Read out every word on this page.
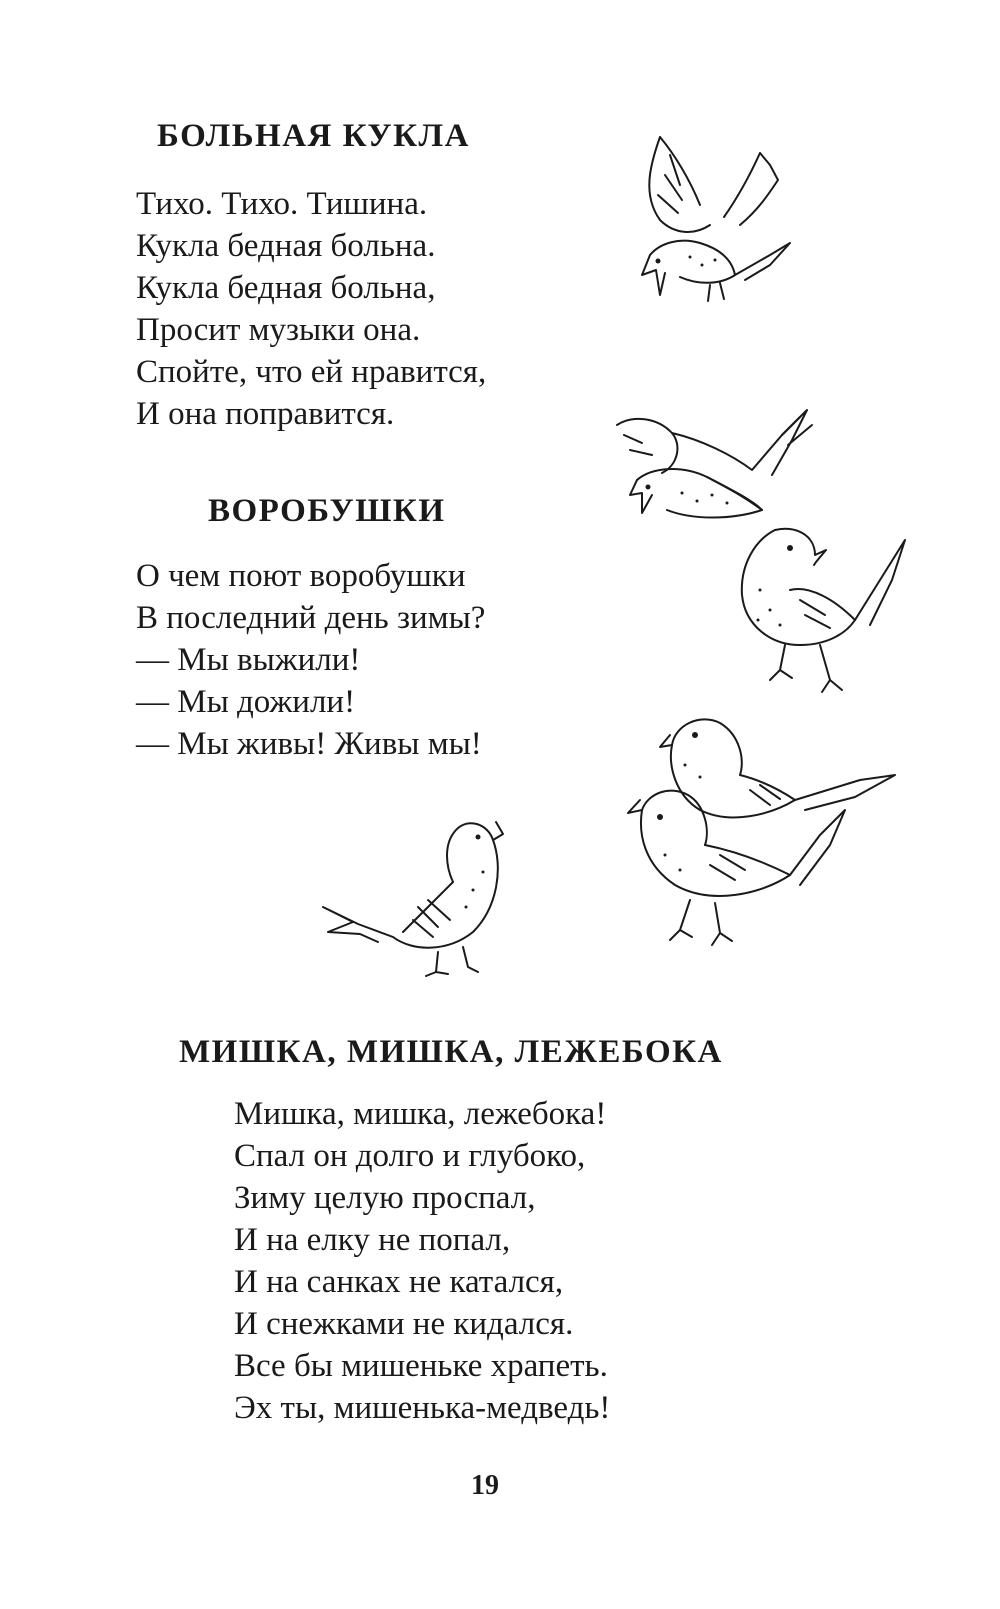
БОЛЬНАЯ КУКЛА
Тихо. Тихо. Тишина.
Кукла бедная больна.
Кукла бедная больна,
Просит музыки она.
Спойте, что ей нравится,
И она поправится.
ВОРОБУШКИ
О чем поют воробушки
В последний день зимы?
— Мы выжили!
— Мы дожили!
— Мы живы! Живы мы!
МИШКА, МИШКА, ЛЕЖЕБОКА
Мишка, мишка, лежебока!
Спал он долго и глубоко,
Зиму целую проспал,
И на елку не попал,
И на санках не катался,
И снежками не кидался.
Все бы мишеньке храпеть.
Эх ты, мишенька-медведь!
19
